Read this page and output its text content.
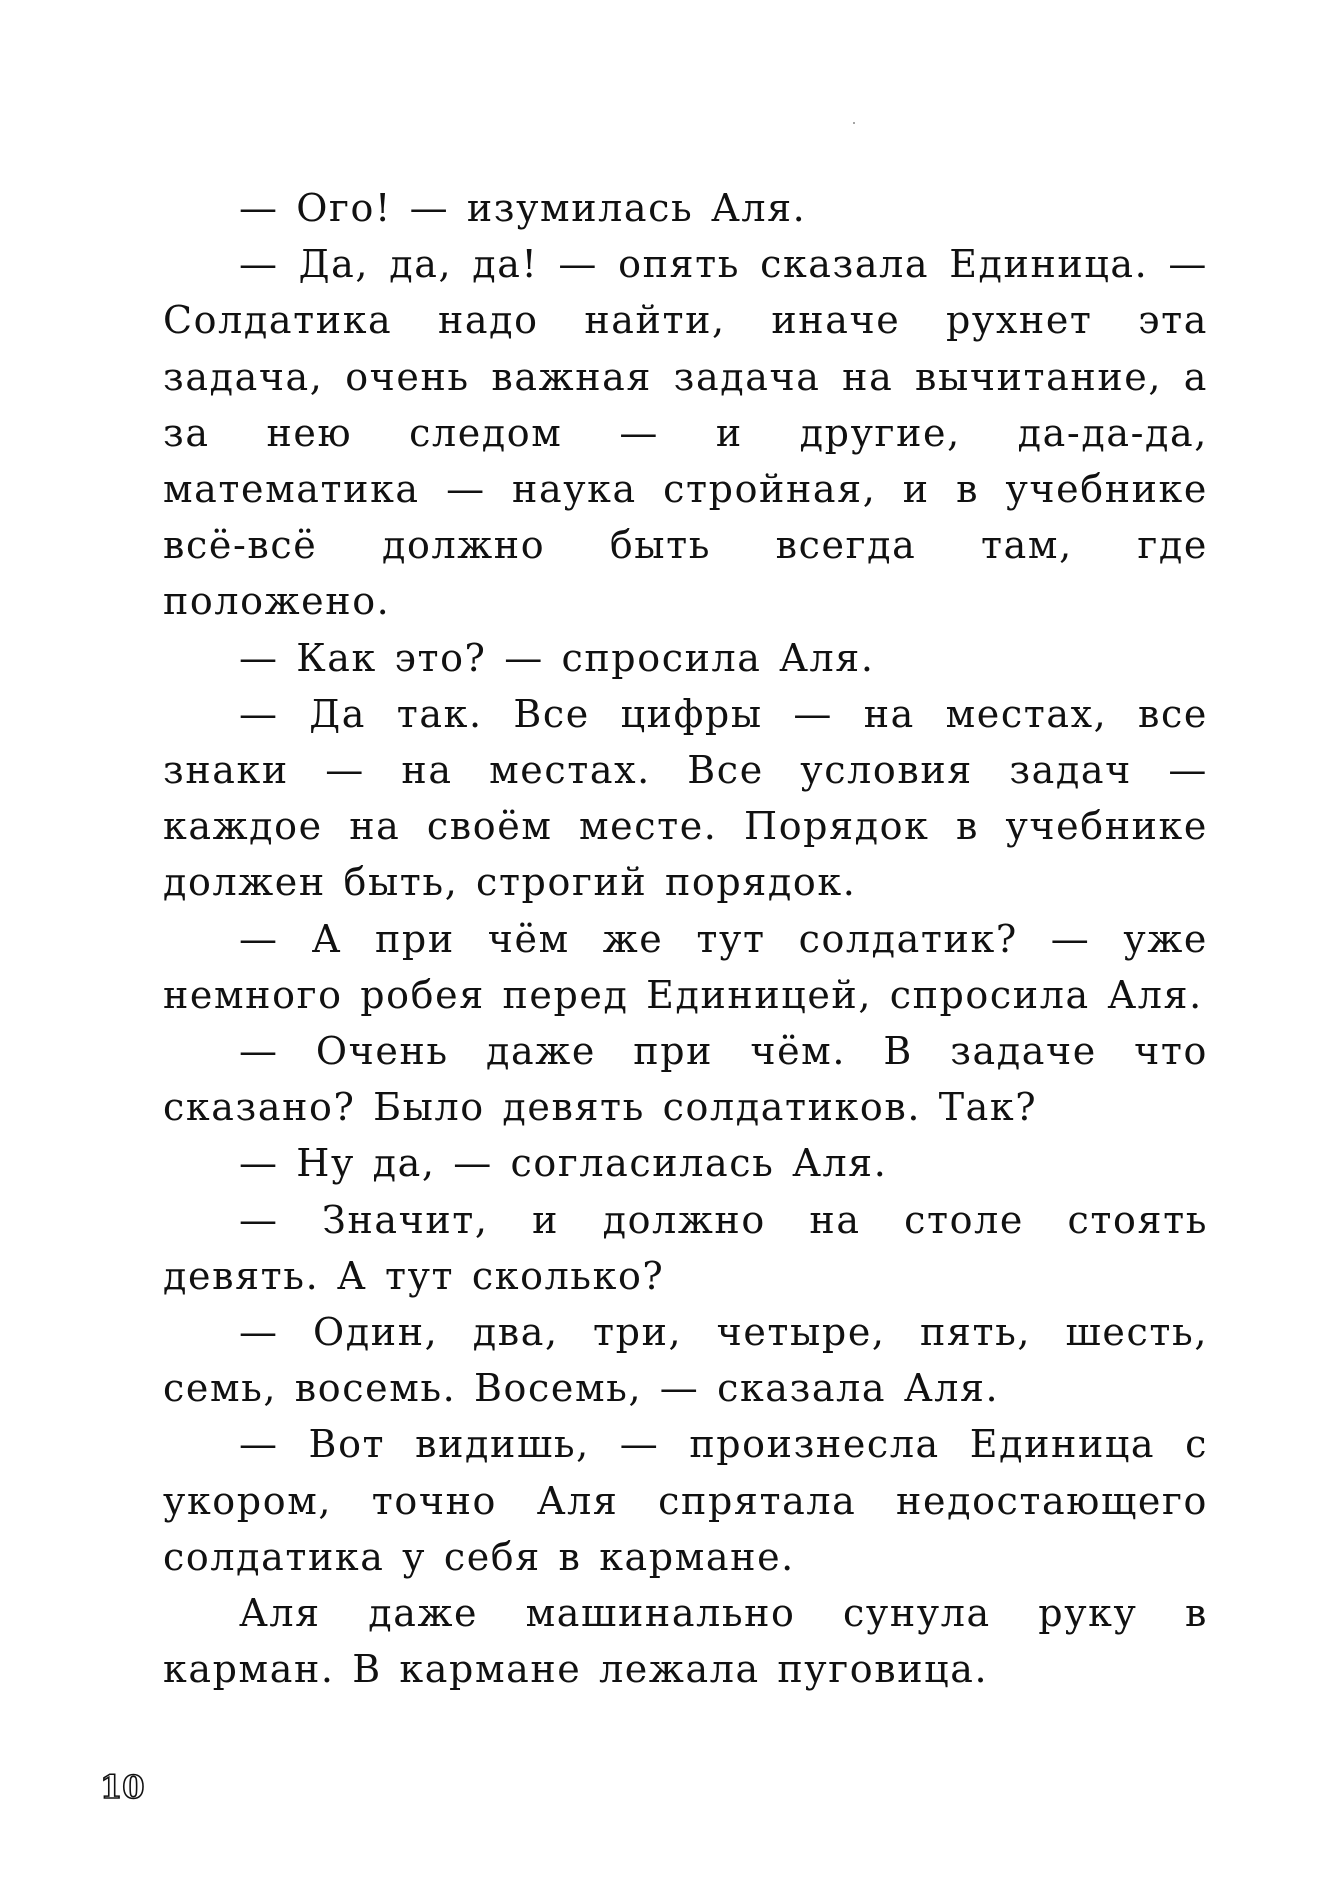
— Ого! — изумилась Аля.

— Да, да, да! — опять сказала Единица. — Солдатика надо найти, иначе рухнет эта задача, очень важная задача на вычитание, а за нею следом — и другие, да-да-да, математика — наука стройная, и в учебнике всё-всё должно быть всегда там, где положено.

— Как это? — спросила Аля.

— Да так. Все цифры — на местах, все знаки — на местах. Все условия задач — каждое на своём месте. Порядок в учебнике должен быть, строгий порядок.

— А при чём же тут солдатик? — уже немного робея перед Единицей, спросила Аля.

— Очень даже при чём. В задаче что сказано? Было девять солдатиков. Так?

— Ну да, — согласилась Аля.

— Значит, и должно на столе стоять девять. А тут сколько?

— Один, два, три, четыре, пять, шесть, семь, восемь. Восемь, — сказала Аля.

— Вот видишь, — произнесла Единица с укором, точно Аля спрятала недостающего солдатика у себя в кармане.

Аля даже машинально сунула руку в карман. В кармане лежала пуговица.

10
